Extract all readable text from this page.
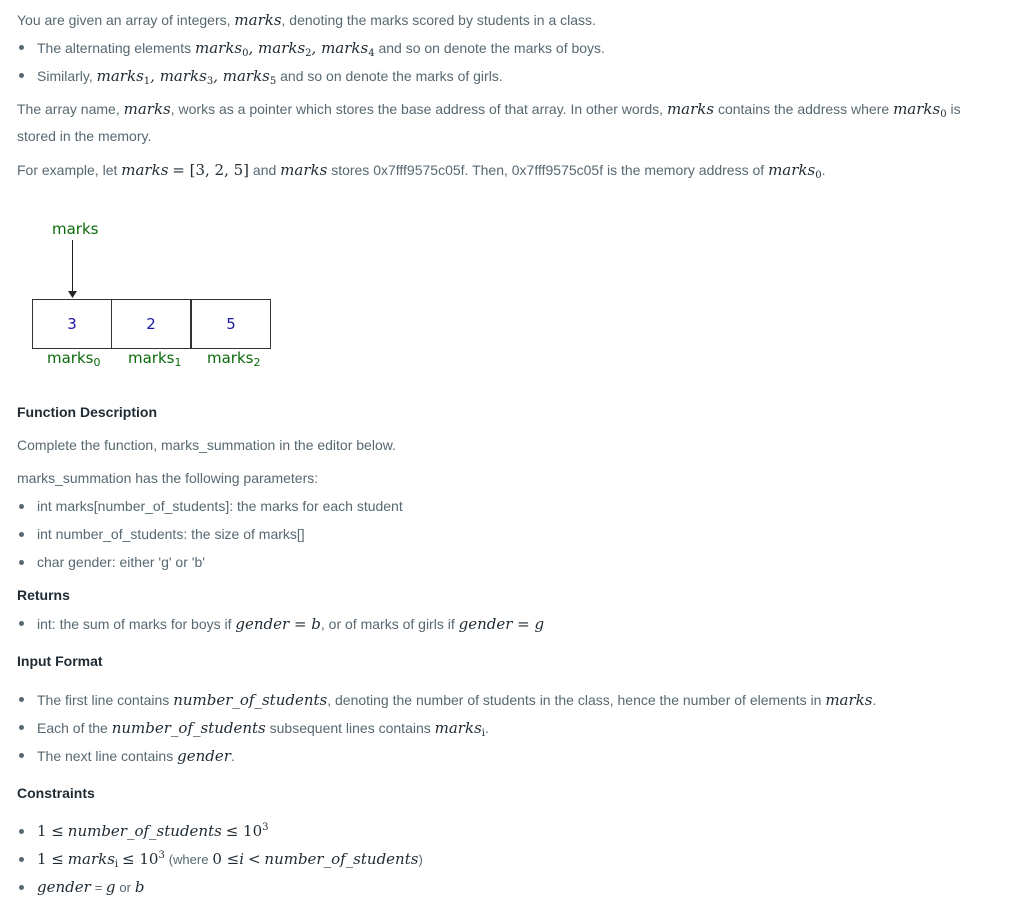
You are given an array of integers, marks, denoting the marks scored by students in a class.
The alternating elements marks$_0$, marks$_2$, marks$_4$ and so on denote the marks of boys.
Similarly, marks$_1$, marks$_3$, marks$_5$ and so on denote the marks of girls.
The array name, marks, works as a pointer which stores the base address of that array. In other words, marks contains the address where marks$_0$ is
stored in the memory.
For example, let marks = [3, 2, 5] and marks stores 0x7fff9575c05f. Then, 0x7fff9575c05f is the memory address of marks$_0$.
marks
3	2	5
marks$_0$ marks$_1$ marks$_2$
Function Description
Complete the function, marks_summation in the editor below.
marks_summation has the following parameters:
int marks[number_of_students]: the marks for each student
int number_of_students: the size of marks[]
char gender: either 'g' or 'b'
Returns
int: the sum of marks for boys if gender = b, or of marks of girls if gender = g
Input Format
The first line contains number_of_students, denoting the number of students in the class, hence the number of elements in marks.
Each of the number_of_students subsequent lines contains marks$_i$.
The next line contains gender.
Constraints
1 ≤ number_of_students ≤ $10^3$
1 ≤ marks$_i$ ≤ $10^3$ (where 0 ≤i < number_of_students)
gender = g or b
